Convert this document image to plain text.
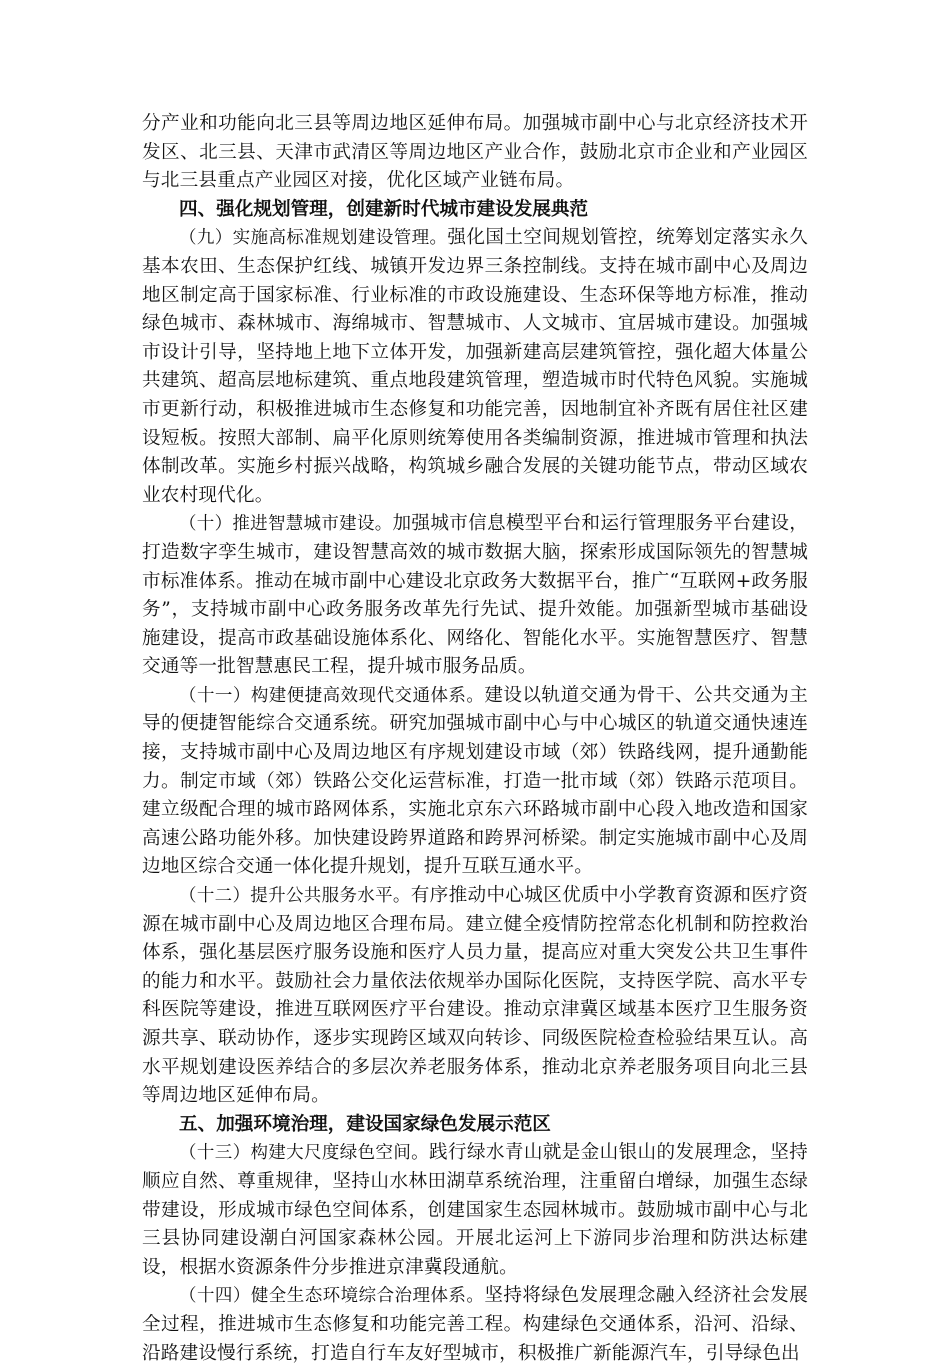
分产业和功能向北三县等周边地区延伸布局。加强城市副中心与北京经济技术开发区、北三县、天津市武清区等周边地区产业合作，鼓励北京市企业和产业园区与北三县重点产业园区对接，优化区域产业链布局。

四、强化规划管理，创建新时代城市建设发展典范

（九）实施高标准规划建设管理。强化国土空间规划管控，统筹划定落实永久基本农田、生态保护红线、城镇开发边界三条控制线。支持在城市副中心及周边地区制定高于国家标准、行业标准的市政设施建设、生态环保等地方标准，推动绿色城市、森林城市、海绵城市、智慧城市、人文城市、宜居城市建设。加强城市设计引导，坚持地上地下立体开发，加强新建高层建筑管控，强化超大体量公共建筑、超高层地标建筑、重点地段建筑管理，塑造城市时代特色风貌。实施城市更新行动，积极推进城市生态修复和功能完善，因地制宜补齐既有居住社区建设短板。按照大部制、扁平化原则统筹使用各类编制资源，推进城市管理和执法体制改革。实施乡村振兴战略，构筑城乡融合发展的关键功能节点，带动区域农业农村现代化。

（十）推进智慧城市建设。加强城市信息模型平台和运行管理服务平台建设，打造数字孪生城市，建设智慧高效的城市数据大脑，探索形成国际领先的智慧城市标准体系。推动在城市副中心建设北京政务大数据平台，推广“互联网+政务服务”，支持城市副中心政务服务改革先行先试、提升效能。加强新型城市基础设施建设，提高市政基础设施体系化、网络化、智能化水平。实施智慧医疗、智慧交通等一批智慧惠民工程，提升城市服务品质。

（十一）构建便捷高效现代交通体系。建设以轨道交通为骨干、公共交通为主导的便捷智能综合交通系统。研究加强城市副中心与中心城区的轨道交通快速连接，支持城市副中心及周边地区有序规划建设市域（郊）铁路线网，提升通勤能力。制定市域（郊）铁路公交化运营标准，打造一批市域（郊）铁路示范项目。建立级配合理的城市路网体系，实施北京东六环路城市副中心段入地改造和国家高速公路功能外移。加快建设跨界道路和跨界河桥梁。制定实施城市副中心及周边地区综合交通一体化提升规划，提升互联互通水平。

（十二）提升公共服务水平。有序推动中心城区优质中小学教育资源和医疗资源在城市副中心及周边地区合理布局。建立健全疫情防控常态化机制和防控救治体系，强化基层医疗服务设施和医疗人员力量，提高应对重大突发公共卫生事件的能力和水平。鼓励社会力量依法依规举办国际化医院，支持医学院、高水平专科医院等建设，推进互联网医疗平台建设。推动京津冀区域基本医疗卫生服务资源共享、联动协作，逐步实现跨区域双向转诊、同级医院检查检验结果互认。高水平规划建设医养结合的多层次养老服务体系，推动北京养老服务项目向北三县等周边地区延伸布局。

五、加强环境治理，建设国家绿色发展示范区

（十三）构建大尺度绿色空间。践行绿水青山就是金山银山的发展理念，坚持顺应自然、尊重规律，坚持山水林田湖草系统治理，注重留白增绿，加强生态绿带建设，形成城市绿色空间体系，创建国家生态园林城市。鼓励城市副中心与北三县协同建设潮白河国家森林公园。开展北运河上下游同步治理和防洪达标建设，根据水资源条件分步推进京津冀段通航。

（十四）健全生态环境综合治理体系。坚持将绿色发展理念融入经济社会发展全过程，推进城市生态修复和功能完善工程。构建绿色交通体系，沿河、沿绿、沿路建设慢行系统，打造自行车友好型城市，积极推广新能源汽车，引导绿色出
